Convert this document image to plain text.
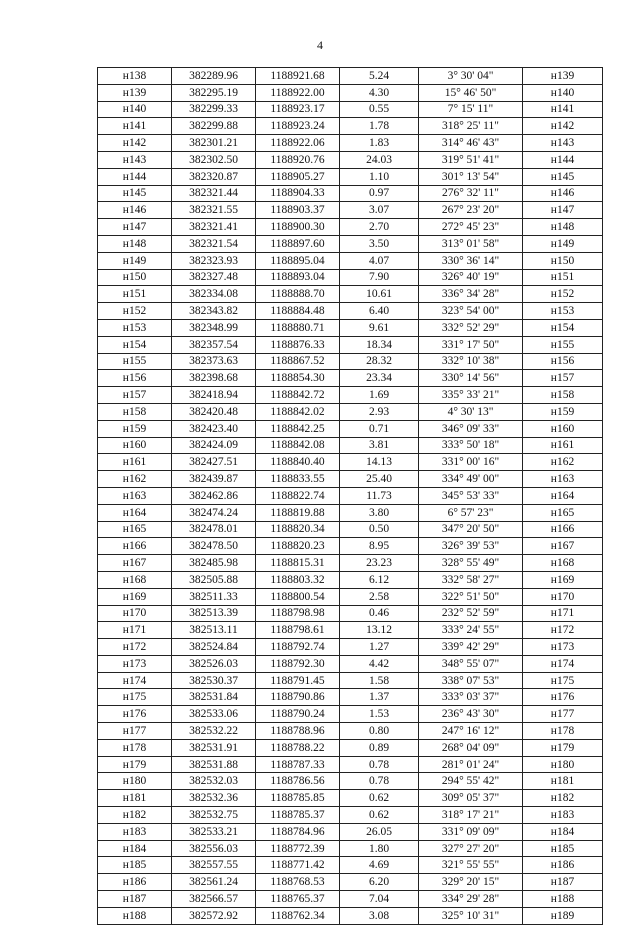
4
н138	382289.96	1188921.68	5.24	3° 30' 04"	н139
н139	382295.19	1188922.00	4.30	15° 46' 50"	н140
н140	382299.33	1188923.17	0.55	7° 15' 11"	н141
н141	382299.88	1188923.24	1.78	318° 25' 11"	н142
н142	382301.21	1188922.06	1.83	314° 46' 43"	н143
н143	382302.50	1188920.76	24.03	319° 51' 41"	н144
н144	382320.87	1188905.27	1.10	301° 13' 54"	н145
н145	382321.44	1188904.33	0.97	276° 32' 11"	н146
н146	382321.55	1188903.37	3.07	267° 23' 20"	н147
н147	382321.41	1188900.30	2.70	272° 45' 23"	н148
н148	382321.54	1188897.60	3.50	313° 01' 58"	н149
н149	382323.93	1188895.04	4.07	330° 36' 14"	н150
н150	382327.48	1188893.04	7.90	326° 40' 19"	н151
н151	382334.08	1188888.70	10.61	336° 34' 28"	н152
н152	382343.82	1188884.48	6.40	323° 54' 00"	н153
н153	382348.99	1188880.71	9.61	332° 52' 29"	н154
н154	382357.54	1188876.33	18.34	331° 17' 50"	н155
н155	382373.63	1188867.52	28.32	332° 10' 38"	н156
н156	382398.68	1188854.30	23.34	330° 14' 56"	н157
н157	382418.94	1188842.72	1.69	335° 33' 21"	н158
н158	382420.48	1188842.02	2.93	4° 30' 13"	н159
н159	382423.40	1188842.25	0.71	346° 09' 33"	н160
н160	382424.09	1188842.08	3.81	333° 50' 18"	н161
н161	382427.51	1188840.40	14.13	331° 00' 16"	н162
н162	382439.87	1188833.55	25.40	334° 49' 00"	н163
н163	382462.86	1188822.74	11.73	345° 53' 33"	н164
н164	382474.24	1188819.88	3.80	6° 57' 23"	н165
н165	382478.01	1188820.34	0.50	347° 20' 50"	н166
н166	382478.50	1188820.23	8.95	326° 39' 53"	н167
н167	382485.98	1188815.31	23.23	328° 55' 49"	н168
н168	382505.88	1188803.32	6.12	332° 58' 27"	н169
н169	382511.33	1188800.54	2.58	322° 51' 50"	н170
н170	382513.39	1188798.98	0.46	232° 52' 59"	н171
н171	382513.11	1188798.61	13.12	333° 24' 55"	н172
н172	382524.84	1188792.74	1.27	339° 42' 29"	н173
н173	382526.03	1188792.30	4.42	348° 55' 07"	н174
н174	382530.37	1188791.45	1.58	338° 07' 53"	н175
н175	382531.84	1188790.86	1.37	333° 03' 37"	н176
н176	382533.06	1188790.24	1.53	236° 43' 30"	н177
н177	382532.22	1188788.96	0.80	247° 16' 12"	н178
н178	382531.91	1188788.22	0.89	268° 04' 09"	н179
н179	382531.88	1188787.33	0.78	281° 01' 24"	н180
н180	382532.03	1188786.56	0.78	294° 55' 42"	н181
н181	382532.36	1188785.85	0.62	309° 05' 37"	н182
н182	382532.75	1188785.37	0.62	318° 17' 21"	н183
н183	382533.21	1188784.96	26.05	331° 09' 09"	н184
н184	382556.03	1188772.39	1.80	327° 27' 20"	н185
н185	382557.55	1188771.42	4.69	321° 55' 55"	н186
н186	382561.24	1188768.53	6.20	329° 20' 15"	н187
н187	382566.57	1188765.37	7.04	334° 29' 28"	н188
н188	382572.92	1188762.34	3.08	325° 10' 31"	н189
